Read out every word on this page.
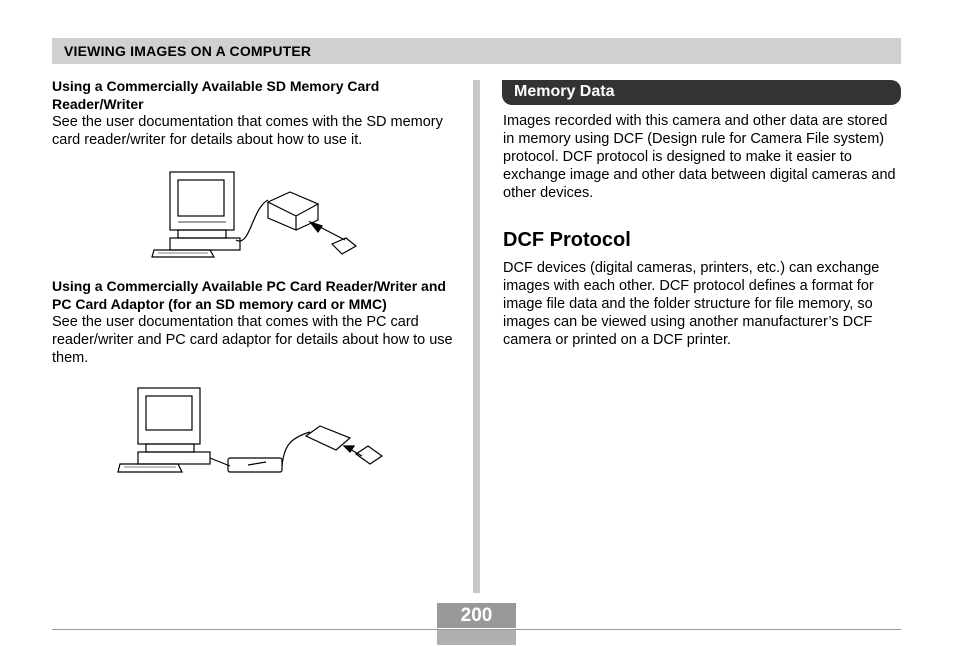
VIEWING IMAGES ON A COMPUTER

Using a Commercially Available SD Memory Card Reader/Writer

See the user documentation that comes with the SD memory card reader/writer for details about how to use it.

Using a Commercially Available PC Card Reader/Writer and PC Card Adaptor (for an SD memory card or MMC)

See the user documentation that comes with the PC card reader/writer and PC card adaptor for details about how to use them.

Memory Data

Images recorded with this camera and other data are stored in memory using DCF (Design rule for Camera File system) protocol. DCF protocol is designed to make it easier to exchange image and other data between digital cameras and other devices.

DCF Protocol

DCF devices (digital cameras, printers, etc.) can exchange images with each other. DCF protocol defines a format for image file data and the folder structure for file memory, so images can be viewed using another manufacturer’s DCF camera or printed on a DCF printer.

200
